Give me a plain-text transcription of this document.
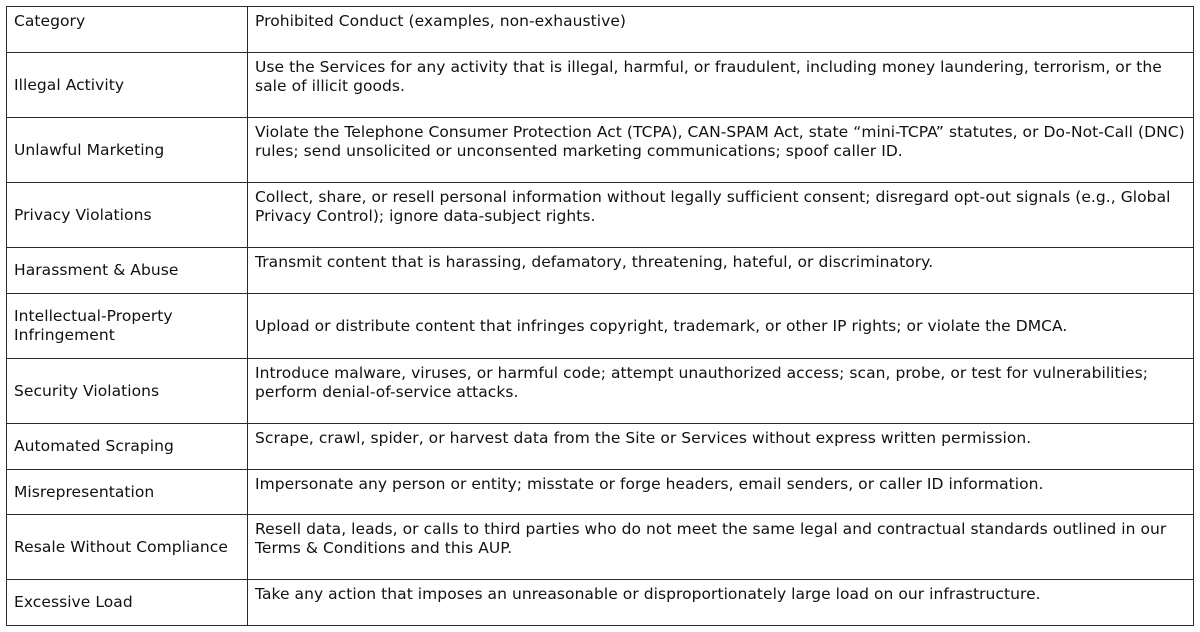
Category	Prohibited Conduct (examples, non-exhaustive)
Illegal Activity	Use the Services for any activity that is illegal, harmful, or fraudulent, including money laundering, terrorism, or the sale of illicit goods.
Unlawful Marketing	Violate the Telephone Consumer Protection Act (TCPA), CAN-SPAM Act, state “mini-TCPA” statutes, or Do-Not-Call (DNC) rules; send unsolicited or unconsented marketing communications; spoof caller ID.
Privacy Violations	Collect, share, or resell personal information without legally sufficient consent; disregard opt-out signals (e.g., Global Privacy Control); ignore data-subject rights.
Harassment & Abuse	Transmit content that is harassing, defamatory, threatening, hateful, or discriminatory.
Intellectual-Property Infringement	Upload or distribute content that infringes copyright, trademark, or other IP rights; or violate the DMCA.
Security Violations	Introduce malware, viruses, or harmful code; attempt unauthorized access; scan, probe, or test for vulnerabilities; perform denial-of-service attacks.
Automated Scraping	Scrape, crawl, spider, or harvest data from the Site or Services without express written permission.
Misrepresentation	Impersonate any person or entity; misstate or forge headers, email senders, or caller ID information.
Resale Without Compliance	Resell data, leads, or calls to third parties who do not meet the same legal and contractual standards outlined in our Terms & Conditions and this AUP.
Excessive Load	Take any action that imposes an unreasonable or disproportionately large load on our infrastructure.
